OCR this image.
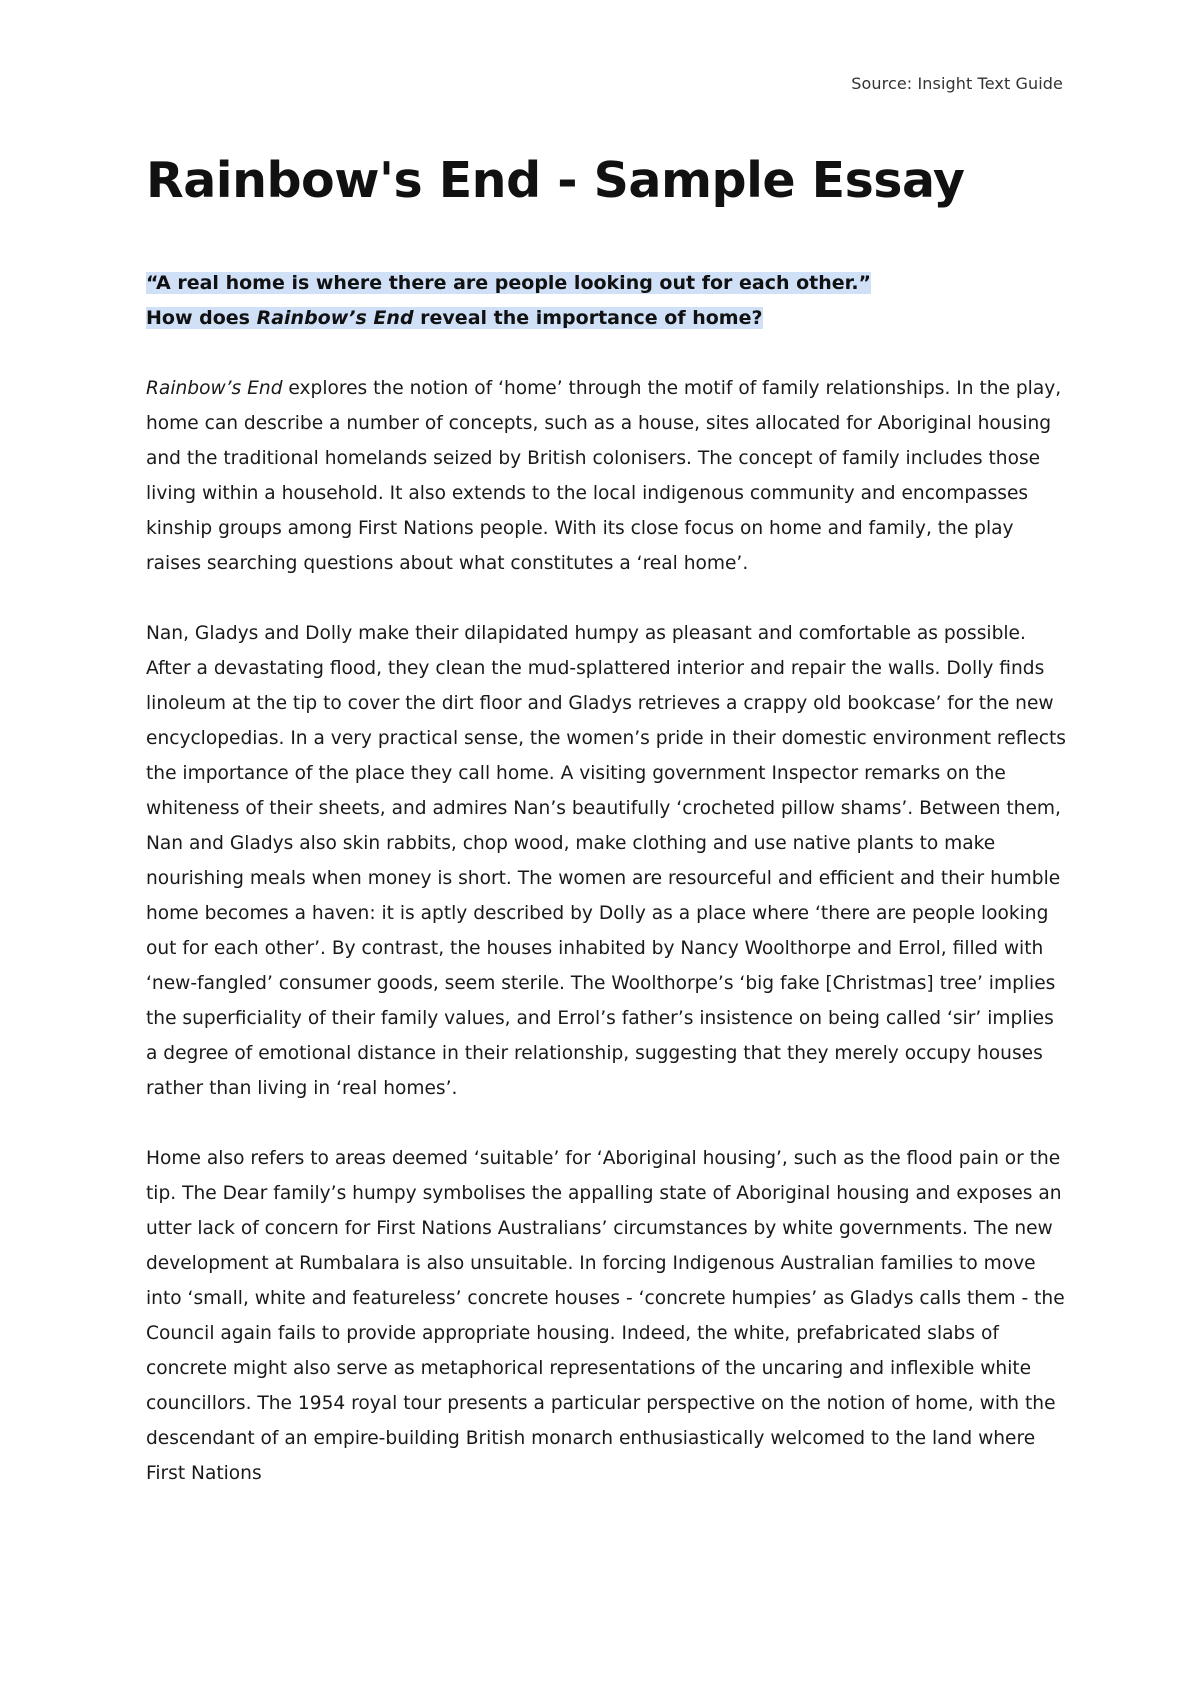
Source: Insight Text Guide
Rainbow's End - Sample Essay
“A real home is where there are people looking out for each other.”
How does Rainbow’s End reveal the importance of home?

Rainbow’s End explores the notion of ‘home’ through the motif of family relationships. In the play, home can describe a number of concepts, such as a house, sites allocated for Aboriginal housing and the traditional homelands seized by British colonisers. The concept of family includes those living within a household. It also extends to the local indigenous community and encompasses kinship groups among First Nations people. With its close focus on home and family, the play raises searching questions about what constitutes a ‘real home’.

Nan, Gladys and Dolly make their dilapidated humpy as pleasant and comfortable as possible. After a devastating flood, they clean the mud-splattered interior and repair the walls. Dolly finds linoleum at the tip to cover the dirt floor and Gladys retrieves a crappy old bookcase’ for the new encyclopedias. In a very practical sense, the women’s pride in their domestic environment reflects the importance of the place they call home. A visiting government Inspector remarks on the whiteness of their sheets, and admires Nan’s beautifully ‘crocheted pillow shams’. Between them, Nan and Gladys also skin rabbits, chop wood, make clothing and use native plants to make nourishing meals when money is short. The women are resourceful and efficient and their humble home becomes a haven: it is aptly described by Dolly as a place where ‘there are people looking out for each other’. By contrast, the houses inhabited by Nancy Woolthorpe and Errol, filled with ‘new-fangled’ consumer goods, seem sterile. The Woolthorpe’s ‘big fake [Christmas] tree’ implies the superficiality of their family values, and Errol’s father’s insistence on being called ‘sir’ implies a degree of emotional distance in their relationship, suggesting that they merely occupy houses rather than living in ‘real homes’.

Home also refers to areas deemed ‘suitable’ for ‘Aboriginal housing’, such as the flood pain or the tip. The Dear family’s humpy symbolises the appalling state of Aboriginal housing and exposes an utter lack of concern for First Nations Australians’ circumstances by white governments. The new development at Rumbalara is also unsuitable. In forcing Indigenous Australian families to move into ‘small, white and featureless’ concrete houses - ‘concrete humpies’ as Gladys calls them - the Council again fails to provide appropriate housing. Indeed, the white, prefabricated slabs of concrete might also serve as metaphorical representations of the uncaring and inflexible white councillors. The 1954 royal tour presents a particular perspective on the notion of home, with the descendant of an empire-building British monarch enthusiastically welcomed to the land where First Nations
